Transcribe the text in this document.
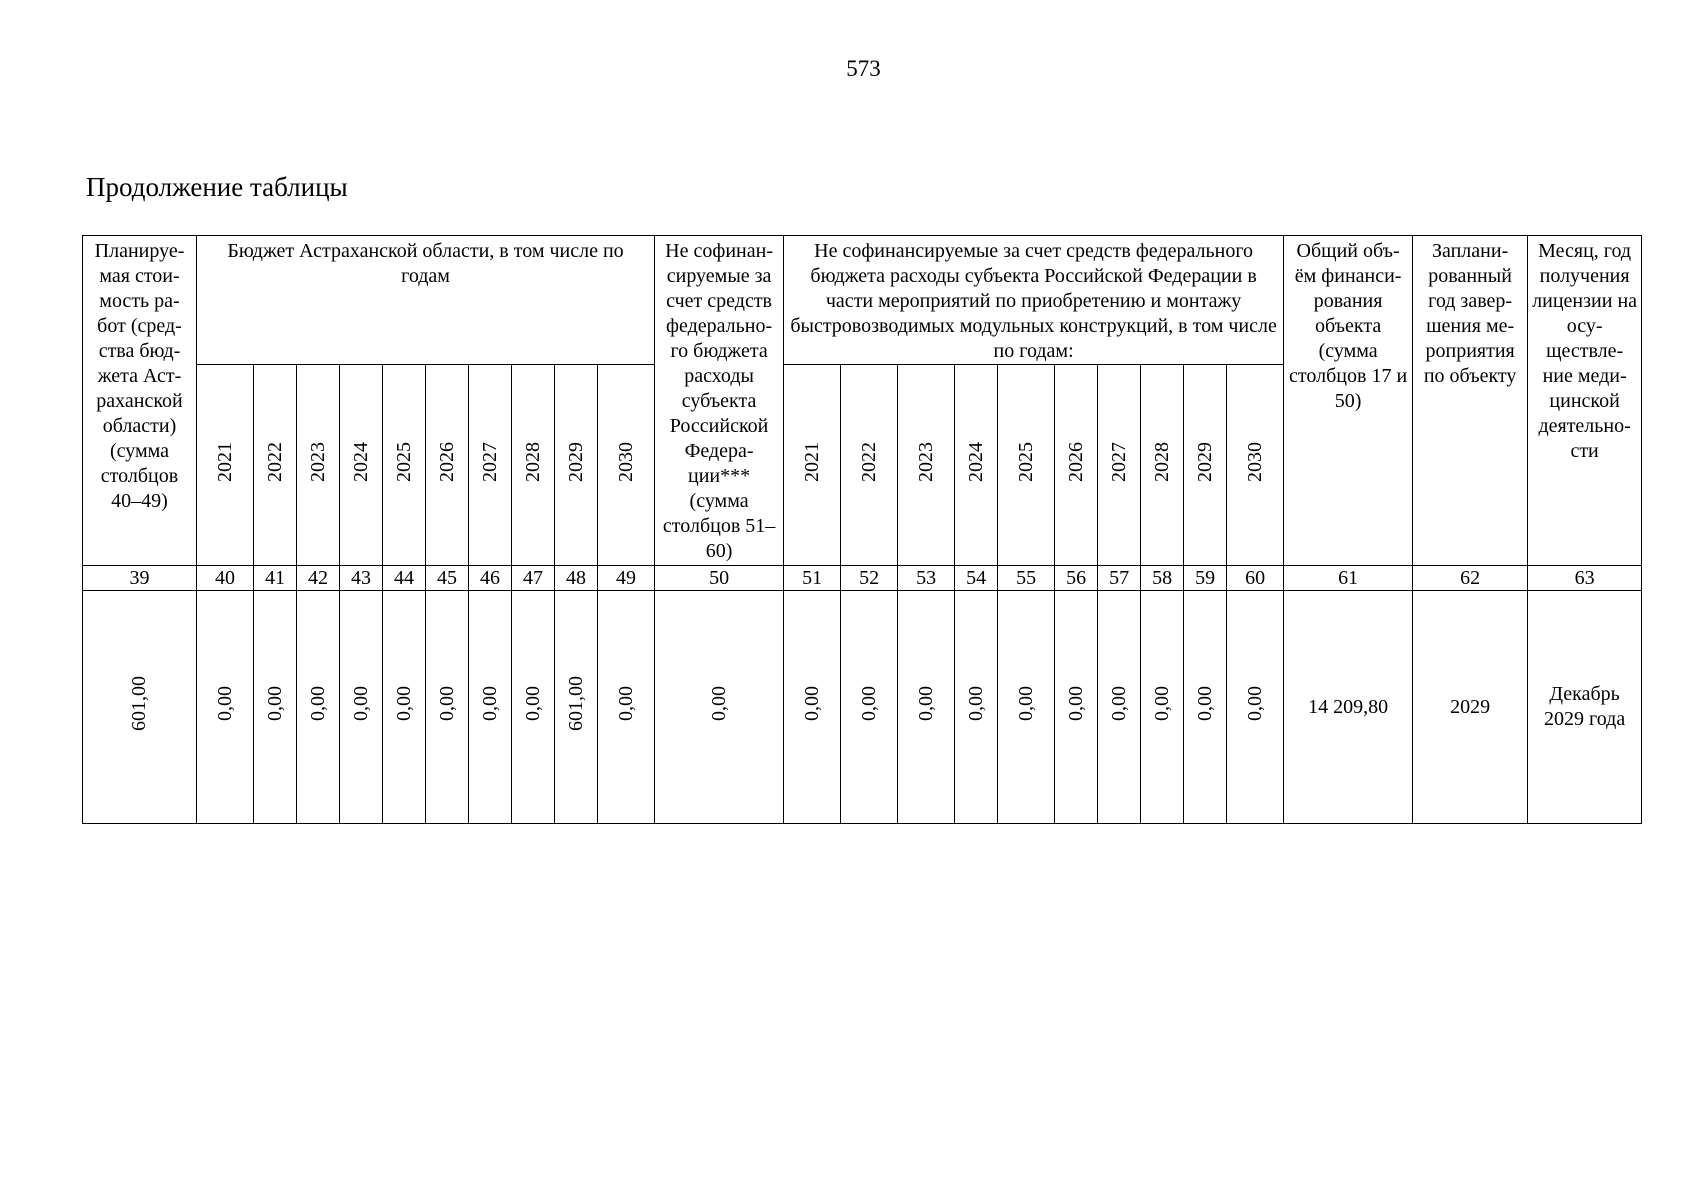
573
Продолжение таблицы
Планируе-мая стои-мость ра-бот (сред-ства бюд-жета Аст-раханской области) (сумма столбцов 40–49)	Бюджет Астраханской области, в том числе по годам										Не софинан-сируемые за счет средств федерально-го бюджета расходы субъекта Российской Федера-ции*** (сумма столбцов 51–60)	Не софинансируемые за счет средств федерального бюджета расходы субъекта Российской Федерации в части мероприятий по приобретению и монтажу быстровозводимых модульных конструкций, в том числе по годам:										Общий объ-ём финанси-рования объекта (сумма столбцов 17 и 50)	Заплани-рованный год завер-шения ме-роприятия по объекту	Месяц, год получения лицензии на осу-ществле-ние меди-цинской деятельно-сти

	2021	2022	2023	2024	2025	2026	2027	2028	2029	2030		2021	2022	2023	2024	2025	2026	2027	2028	2029	2030			
39	40	41	42	43	44	45	46	47	48	49	50	51	52	53	54	55	56	57	58	59	60	61	62	63
601,00	0,00	0,00	0,00	0,00	0,00	0,00	0,00	0,00	601,00	0,00	0,00	0,00	0,00	0,00	0,00	0,00	0,00	0,00	0,00	0,00	0,00	14 209,80	2029	Декабрь 2029 года
